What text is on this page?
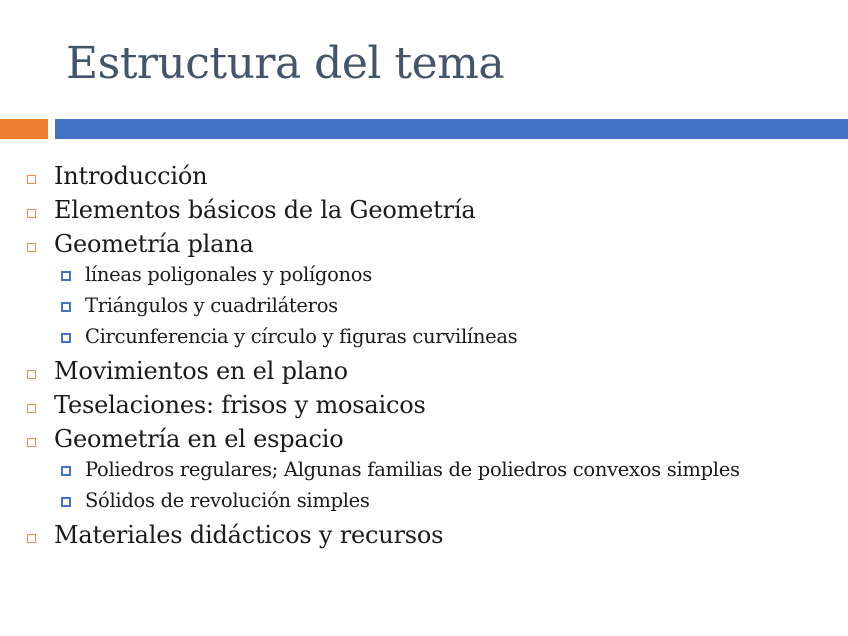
Estructura del tema
Introducción
Elementos básicos de la Geometría
Geometría plana
líneas poligonales y polígonos
Triángulos y cuadriláteros
Circunferencia y círculo y figuras curvilíneas
Movimientos en el plano
Teselaciones: frisos y mosaicos
Geometría en el espacio
Poliedros regulares; Algunas familias de poliedros convexos simples
Sólidos de revolución simples
Materiales didácticos y recursos
